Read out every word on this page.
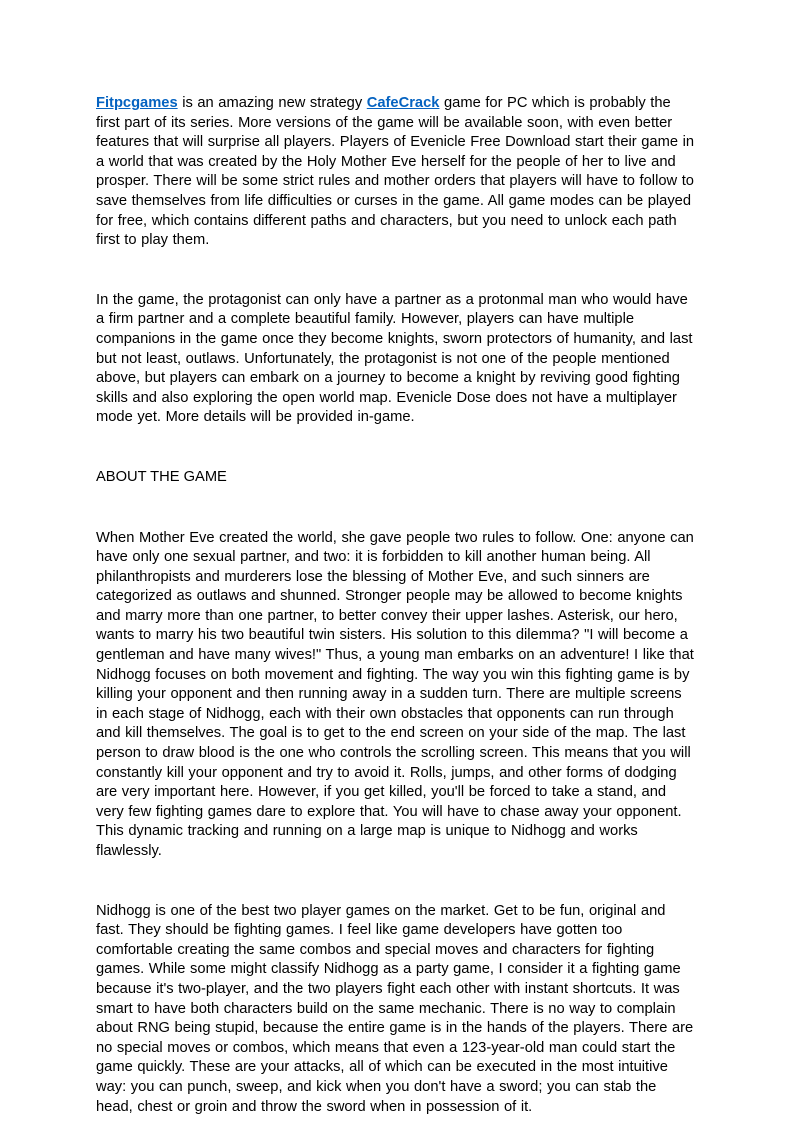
Fitpcgames is an amazing new strategy CafeCrack game for PC which is probably the first part of its series. More versions of the game will be available soon, with even better features that will surprise all players. Players of Evenicle Free Download start their game in a world that was created by the Holy Mother Eve herself for the people of her to live and prosper. There will be some strict rules and mother orders that players will have to follow to save themselves from life difficulties or curses in the game. All game modes can be played for free, which contains different paths and characters, but you need to unlock each path first to play them.

In the game, the protagonist can only have a partner as a protonmal man who would have a firm partner and a complete beautiful family. However, players can have multiple companions in the game once they become knights, sworn protectors of humanity, and last but not least, outlaws. Unfortunately, the protagonist is not one of the people mentioned above, but players can embark on a journey to become a knight by reviving good fighting skills and also exploring the open world map. Evenicle Dose does not have a multiplayer mode yet. More details will be provided in-game.

ABOUT THE GAME

When Mother Eve created the world, she gave people two rules to follow. One: anyone can have only one sexual partner, and two: it is forbidden to kill another human being. All philanthropists and murderers lose the blessing of Mother Eve, and such sinners are categorized as outlaws and shunned. Stronger people may be allowed to become knights and marry more than one partner, to better convey their upper lashes. Asterisk, our hero, wants to marry his two beautiful twin sisters. His solution to this dilemma? "I will become a gentleman and have many wives!" Thus, a young man embarks on an adventure! I like that Nidhogg focuses on both movement and fighting. The way you win this fighting game is by killing your opponent and then running away in a sudden turn. There are multiple screens in each stage of Nidhogg, each with their own obstacles that opponents can run through and kill themselves. The goal is to get to the end screen on your side of the map. The last person to draw blood is the one who controls the scrolling screen. This means that you will constantly kill your opponent and try to avoid it. Rolls, jumps, and other forms of dodging are very important here. However, if you get killed, you'll be forced to take a stand, and very few fighting games dare to explore that. You will have to chase away your opponent. This dynamic tracking and running on a large map is unique to Nidhogg and works flawlessly.

Nidhogg is one of the best two player games on the market. Get to be fun, original and fast. They should be fighting games. I feel like game developers have gotten too comfortable creating the same combos and special moves and characters for fighting games. While some might classify Nidhogg as a party game, I consider it a fighting game because it's two-player, and the two players fight each other with instant shortcuts. It was smart to have both characters build on the same mechanic. There is no way to complain about RNG being stupid, because the entire game is in the hands of the players. There are no special moves or combos, which means that even a 123-year-old man could start the game quickly. These are your attacks, all of which can be executed in the most intuitive way: you can punch, sweep, and kick when you don't have a sword; you can stab the head, chest or groin and throw the sword when in possession of it.
